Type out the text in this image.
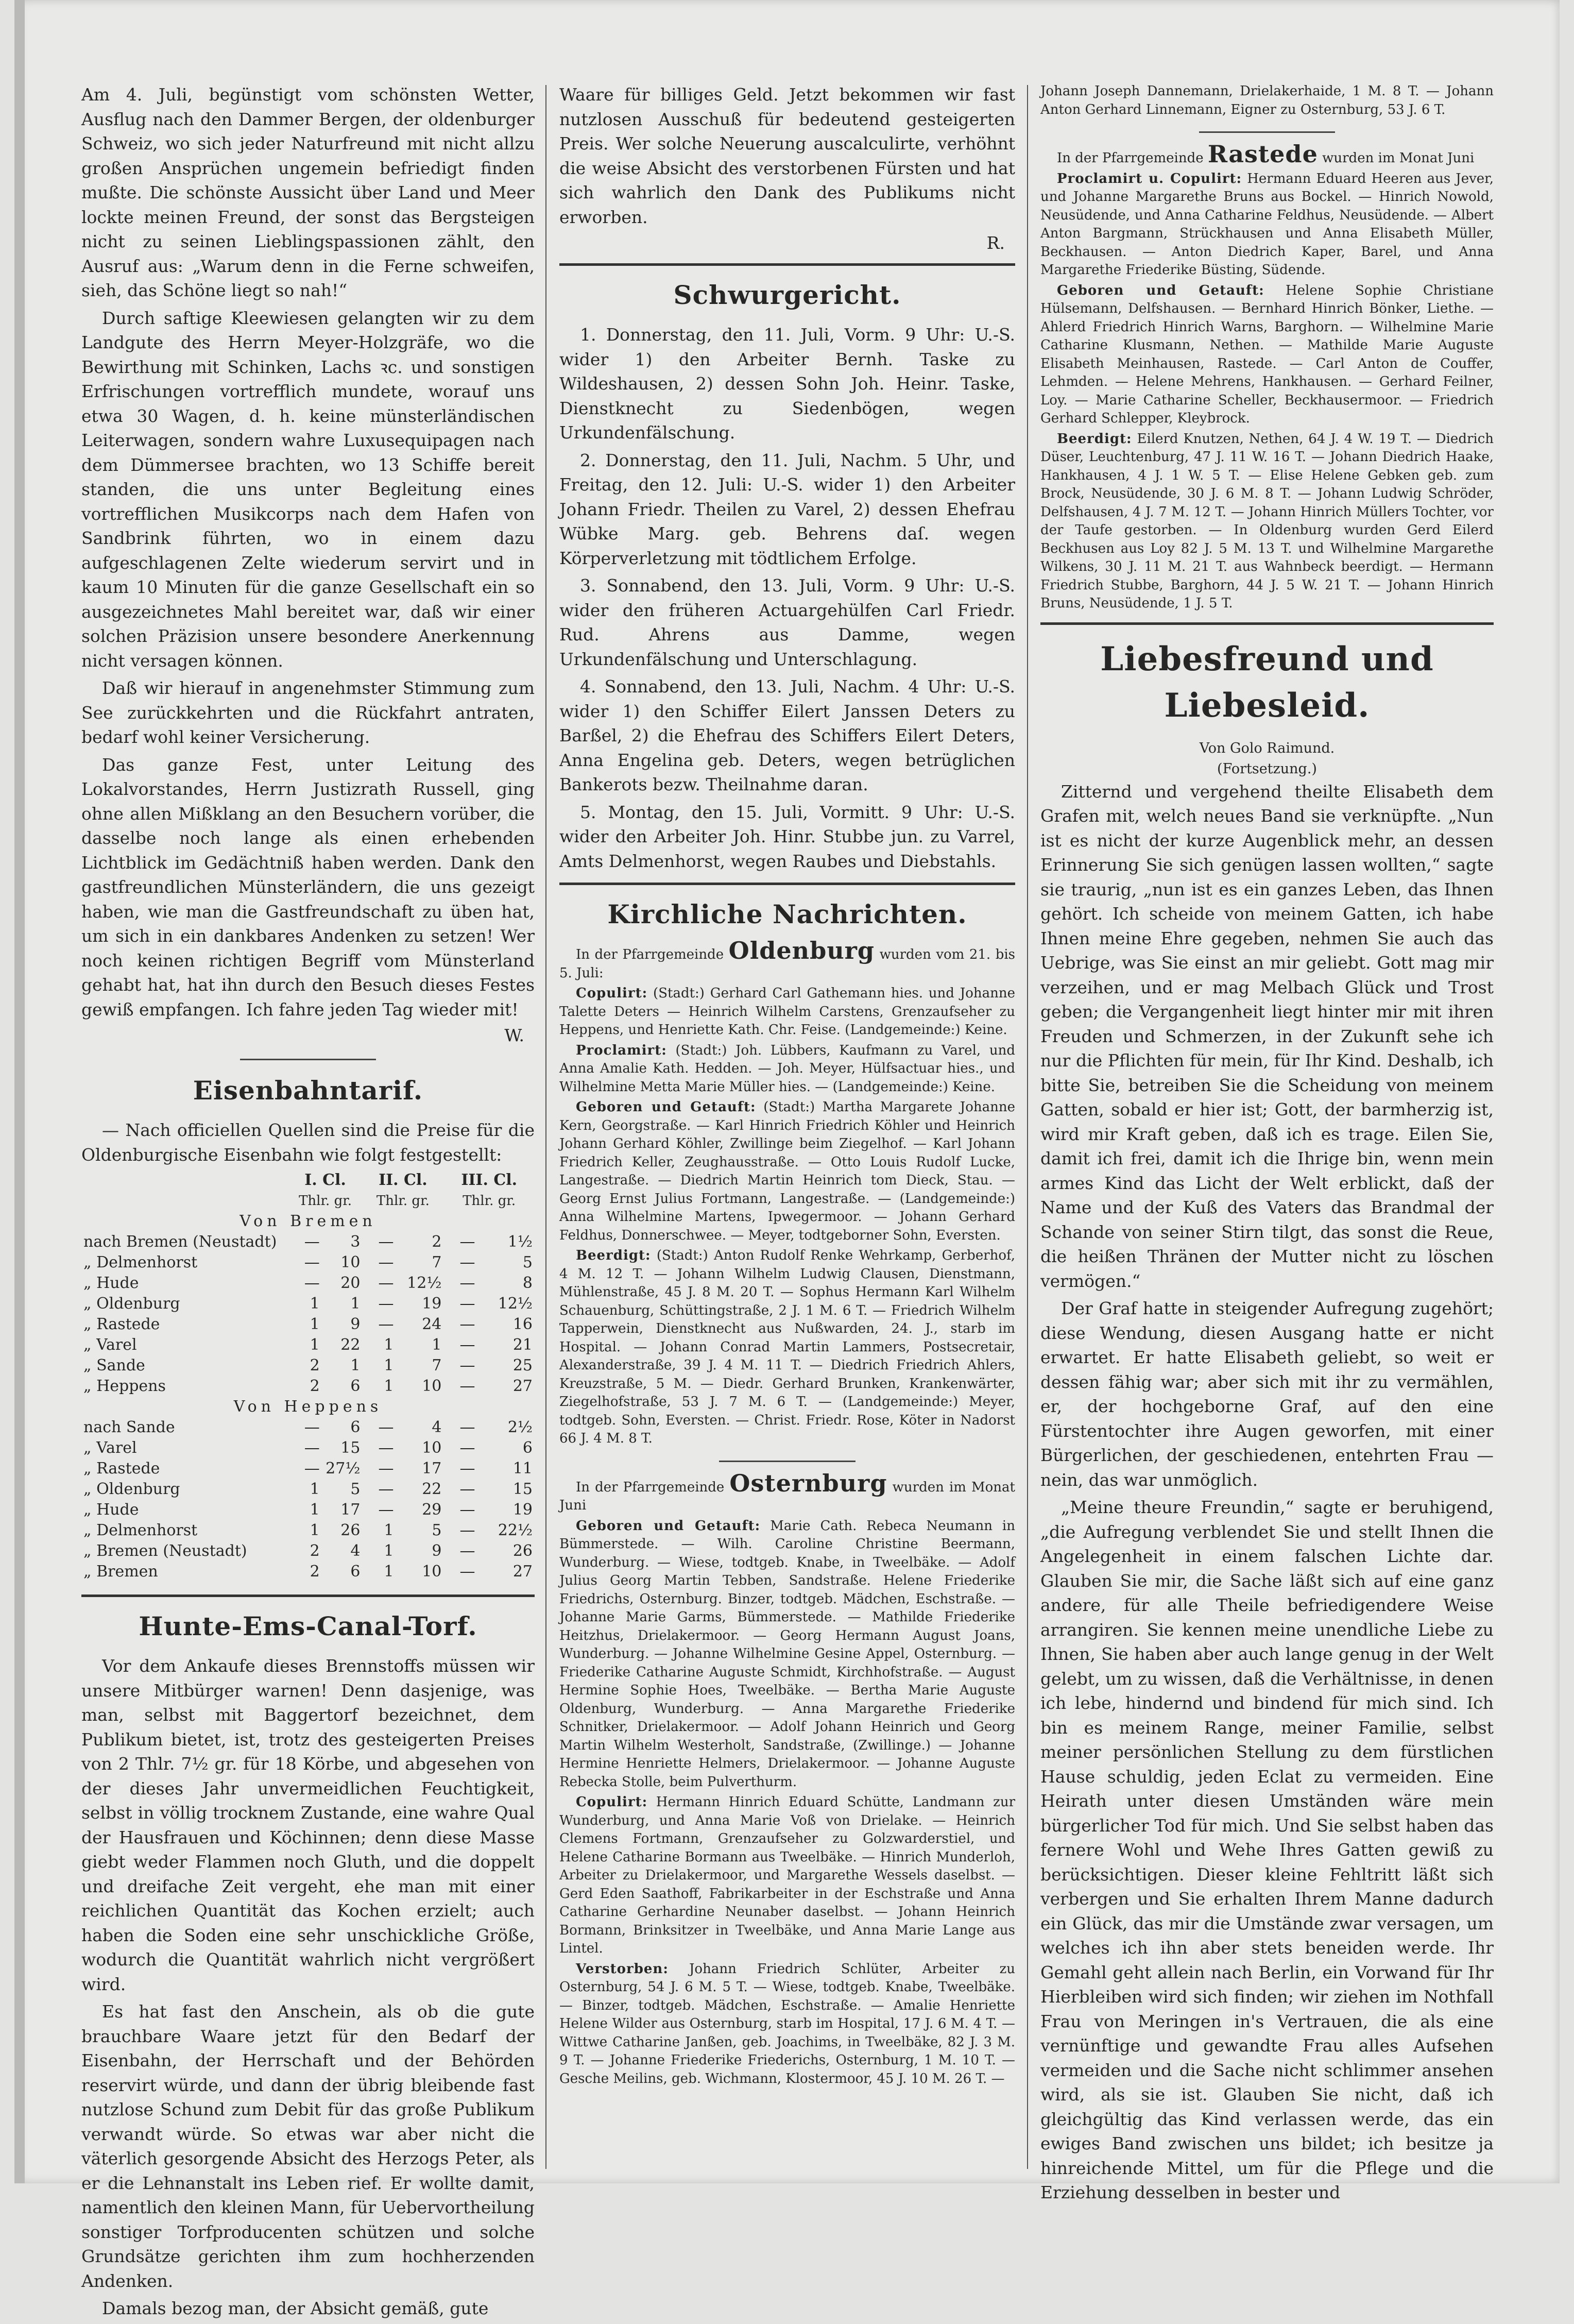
Am 4. Juli, begünstigt vom schönsten Wetter, Ausflug nach den Dammer Bergen, der oldenburger Schweiz, wo sich jeder Naturfreund mit nicht allzu großen Ansprüchen ungemein befriedigt finden mußte. Die schönste Aussicht über Land und Meer lockte meinen Freund, der sonst das Bergsteigen nicht zu seinen Lieblingspassionen zählt, den Ausruf aus: „Warum denn in die Ferne schweifen, sieh, das Schöne liegt so nah!“

Durch saftige Kleewiesen gelangten wir zu dem Landgute des Herrn Meyer-Holzgräfe, wo die Bewirthung mit Schinken, Lachs ꝛc. und sonstigen Erfrischungen vortrefflich mundete, worauf uns etwa 30 Wagen, d. h. keine münsterländischen Leiterwagen, sondern wahre Luxusequipagen nach dem Dümmersee brachten, wo 13 Schiffe bereit standen, die uns unter Begleitung eines vortrefflichen Musikcorps nach dem Hafen von Sandbrink führten, wo in einem dazu aufgeschlagenen Zelte wiederum servirt und in kaum 10 Minuten für die ganze Gesellschaft ein so ausgezeichnetes Mahl bereitet war, daß wir einer solchen Präzision unsere besondere Anerkennung nicht versagen können.

Daß wir hierauf in angenehmster Stimmung zum See zurückkehrten und die Rückfahrt antraten, bedarf wohl keiner Versicherung.

Das ganze Fest, unter Leitung des Lokalvorstandes, Herrn Justizrath Russell, ging ohne allen Mißklang an den Besuchern vorüber, die dasselbe noch lange als einen erhebenden Lichtblick im Gedächtniß haben werden. Dank den gastfreundlichen Münsterländern, die uns gezeigt haben, wie man die Gastfreundschaft zu üben hat, um sich in ein dankbares Andenken zu setzen! Wer noch keinen richtigen Begriff vom Münsterland gehabt hat, hat ihn durch den Besuch dieses Festes gewiß empfangen. Ich fahre jeden Tag wieder mit!

W.
Eisenbahntarif.

— Nach officiellen Quellen sind die Preise für die Oldenburgische Eisenbahn wie folgt festgestellt:

	I. Cl.		II. Cl.		III. Cl.	
	Thlr. gr.		Thlr. gr.		Thlr. gr.	
Von Bremen						
nach Bremen (Neustadt)	—	3	—	2	—	1½
„ Delmenhorst	—	10	—	7	—	5
„ Hude	—	20	—	12½	—	8
„ Oldenburg	1	1	—	19	—	12½
„ Rastede	1	9	—	24	—	16
„ Varel	1	22	1	1	—	21
„ Sande	2	1	1	7	—	25
„ Heppens	2	6	1	10	—	27
Von Heppens						
nach Sande	—	6	—	4	—	2½
„ Varel	—	15	—	10	—	6
„ Rastede	—	27½	—	17	—	11
„ Oldenburg	1	5	—	22	—	15
„ Hude	1	17	—	29	—	19
„ Delmenhorst	1	26	1	5	—	22½
„ Bremen (Neustadt)	2	4	1	9	—	26
„ Bremen	2	6	1	10	—	27
Hunte-Ems-Canal-Torf.

Vor dem Ankaufe dieses Brennstoffs müssen wir unsere Mitbürger warnen! Denn dasjenige, was man, selbst mit Baggertorf bezeichnet, dem Publikum bietet, ist, trotz des gesteigerten Preises von 2 Thlr. 7½ gr. für 18 Körbe, und abgesehen von der dieses Jahr unvermeidlichen Feuchtigkeit, selbst in völlig trocknem Zustande, eine wahre Qual der Hausfrauen und Köchinnen; denn diese Masse giebt weder Flammen noch Gluth, und die doppelt und dreifache Zeit vergeht, ehe man mit einer reichlichen Quantität das Kochen erzielt; auch haben die Soden eine sehr unschickliche Größe, wodurch die Quantität wahrlich nicht vergrößert wird.

Es hat fast den Anschein, als ob die gute brauchbare Waare jetzt für den Bedarf der Eisenbahn, der Herrschaft und der Behörden reservirt würde, und dann der übrig bleibende fast nutzlose Schund zum Debit für das große Publikum verwandt würde. So etwas war aber nicht die väterlich gesorgende Absicht des Herzogs Peter, als er die Lehnanstalt ins Leben rief. Er wollte damit, namentlich den kleinen Mann, für Uebervortheilung sonstiger Torfproducenten schützen und solche Grundsätze gerichten ihm zum hochherzenden Andenken.

Damals bezog man, der Absicht gemäß, gute

Waare für billiges Geld. Jetzt bekommen wir fast nutzlosen Ausschuß für bedeutend gesteigerten Preis. Wer solche Neuerung auscalculirte, verhöhnt die weise Absicht des verstorbenen Fürsten und hat sich wahrlich den Dank des Publikums nicht erworben.

R.
Schwurgericht.

1. Donnerstag, den 11. Juli, Vorm. 9 Uhr: U.-S. wider 1) den Arbeiter Bernh. Taske zu Wildeshausen, 2) dessen Sohn Joh. Heinr. Taske, Dienstknecht zu Siedenbögen, wegen Urkundenfälschung.

2. Donnerstag, den 11. Juli, Nachm. 5 Uhr, und Freitag, den 12. Juli: U.-S. wider 1) den Arbeiter Johann Friedr. Theilen zu Varel, 2) dessen Ehefrau Wübke Marg. geb. Behrens daſ. wegen Körperverletzung mit tödtlichem Erfolge.

3. Sonnabend, den 13. Juli, Vorm. 9 Uhr: U.-S. wider den früheren Actuargehülfen Carl Friedr. Rud. Ahrens aus Damme, wegen Urkundenfälschung und Unterschlagung.

4. Sonnabend, den 13. Juli, Nachm. 4 Uhr: U.-S. wider 1) den Schiffer Eilert Janssen Deters zu Barßel, 2) die Ehefrau des Schiffers Eilert Deters, Anna Engelina geb. Deters, wegen betrüglichen Bankerots bezw. Theilnahme daran.

5. Montag, den 15. Juli, Vormitt. 9 Uhr: U.-S. wider den Arbeiter Joh. Hinr. Stubbe jun. zu Varrel, Amts Delmenhorst, wegen Raubes und Diebstahls.

Kirchliche Nachrichten.

In der Pfarrgemeinde Oldenburg wurden vom 21. bis 5. Juli:

Copulirt: (Stadt:) Gerhard Carl Gathemann hies. und Johanne Talette Deters — Heinrich Wilhelm Carstens, Grenzaufseher zu Heppens, und Henriette Kath. Chr. Feise. (Landgemeinde:) Keine.

Proclamirt: (Stadt:) Joh. Lübbers, Kaufmann zu Varel, und Anna Amalie Kath. Hedden. — Joh. Meyer, Hülfsactuar hies., und Wilhelmine Metta Marie Müller hies. — (Landgemeinde:) Keine.

Geboren und Getauft: (Stadt:) Martha Margarete Johanne Kern, Georgstraße. — Karl Hinrich Friedrich Köhler und Heinrich Johann Gerhard Köhler, Zwillinge beim Ziegelhof. — Karl Johann Friedrich Keller, Zeughausstraße. — Otto Louis Rudolf Lucke, Langestraße. — Diedrich Martin Heinrich tom Dieck, Stau. — Georg Ernst Julius Fortmann, Langestraße. — (Landgemeinde:) Anna Wilhelmine Martens, Ipwegermoor. — Johann Gerhard Feldhus, Donnerschwee. — Meyer, todtgeborner Sohn, Eversten.

Beerdigt: (Stadt:) Anton Rudolf Renke Wehrkamp, Gerberhof, 4 M. 12 T. — Johann Wilhelm Ludwig Clausen, Dienstmann, Mühlenstraße, 45 J. 8 M. 20 T. — Sophus Hermann Karl Wilhelm Schauenburg, Schüttingstraße, 2 J. 1 M. 6 T. — Friedrich Wilhelm Tapperwein, Dienstknecht aus Nußwarden, 24. J., starb im Hospital. — Johann Conrad Martin Lammers, Postsecretair, Alexanderstraße, 39 J. 4 M. 11 T. — Diedrich Friedrich Ahlers, Kreuzstraße, 5 M. — Diedr. Gerhard Brunken, Krankenwärter, Ziegelhofstraße, 53 J. 7 M. 6 T. — (Landgemeinde:) Meyer, todtgeb. Sohn, Eversten. — Christ. Friedr. Rose, Köter in Nadorst 66 J. 4 M. 8 T.

In der Pfarrgemeinde Osternburg wurden im Monat Juni

Geboren und Getauft: Marie Cath. Rebeca Neumann in Bümmerstede. — Wilh. Caroline Christine Beermann, Wunderburg. — Wiese, todtgeb. Knabe, in Tweelbäke. — Adolf Julius Georg Martin Tebben, Sandstraße. Helene Friederike Friedrichs, Osternburg. Binzer, todtgeb. Mädchen, Eschstraße. — Johanne Marie Garms, Bümmerstede. — Mathilde Friederike Heitzhus, Drielakermoor. — Georg Hermann August Joans, Wunderburg. — Johanne Wilhelmine Gesine Appel, Osternburg. — Friederike Catharine Auguste Schmidt, Kirchhofstraße. — August Hermine Sophie Hoes, Tweelbäke. — Bertha Marie Auguste Oldenburg, Wunderburg. — Anna Margarethe Friederike Schnitker, Drielakermoor. — Adolf Johann Heinrich und Georg Martin Wilhelm Westerholt, Sandstraße, (Zwillinge.) — Johanne Hermine Henriette Helmers, Drielakermoor. — Johanne Auguste Rebecka Stolle, beim Pulverthurm.

Copulirt: Hermann Hinrich Eduard Schütte, Landmann zur Wunderburg, und Anna Marie Voß von Drielake. — Heinrich Clemens Fortmann, Grenzaufseher zu Golzwarderstiel, und Helene Catharine Bormann aus Tweelbäke. — Hinrich Munderloh, Arbeiter zu Drielakermoor, und Margarethe Wessels daselbst. — Gerd Eden Saathoff, Fabrikarbeiter in der Eschstraße und Anna Catharine Gerhardine Neunaber daselbst. — Johann Heinrich Bormann, Brinksitzer in Tweelbäke, und Anna Marie Lange aus Lintel.

Verstorben: Johann Friedrich Schlüter, Arbeiter zu Osternburg, 54 J. 6 M. 5 T. — Wiese, todtgeb. Knabe, Tweelbäke. — Binzer, todtgeb. Mädchen, Eschstraße. — Amalie Henriette Helene Wilder aus Osternburg, starb im Hospital, 17 J. 6 M. 4 T. — Wittwe Catharine Janßen, geb. Joachims, in Tweelbäke, 82 J. 3 M. 9 T. — Johanne Friederike Friederichs, Osternburg, 1 M. 10 T. — Gesche Meilins, geb. Wichmann, Klostermoor, 45 J. 10 M. 26 T. —

Johann Joseph Dannemann, Drielakerhaide, 1 M. 8 T. — Johann Anton Gerhard Linnemann, Eigner zu Osternburg, 53 J. 6 T.

In der Pfarrgemeinde Rastede wurden im Monat Juni

Proclamirt u. Copulirt: Hermann Eduard Heeren aus Jever, und Johanne Margarethe Bruns aus Bockel. — Hinrich Nowold, Neusüdende, und Anna Catharine Feldhus, Neusüdende. — Albert Anton Bargmann, Strückhausen und Anna Elisabeth Müller, Beckhausen. — Anton Diedrich Kaper, Barel, und Anna Margarethe Friederike Büsting, Südende.

Geboren und Getauft: Helene Sophie Christiane Hülsemann, Delfshausen. — Bernhard Hinrich Bönker, Liethe. — Ahlerd Friedrich Hinrich Warns, Barghorn. — Wilhelmine Marie Catharine Klusmann, Nethen. — Mathilde Marie Auguste Elisabeth Meinhausen, Rastede. — Carl Anton de Couffer, Lehmden. — Helene Mehrens, Hankhausen. — Gerhard Feilner, Loy. — Marie Catharine Scheller, Beckhausermoor. — Friedrich Gerhard Schlepper, Kleybrock.

Beerdigt: Eilerd Knutzen, Nethen, 64 J. 4 W. 19 T. — Diedrich Düser, Leuchtenburg, 47 J. 11 W. 16 T. — Johann Diedrich Haake, Hankhausen, 4 J. 1 W. 5 T. — Elise Helene Gebken geb. zum Brock, Neusüdende, 30 J. 6 M. 8 T. — Johann Ludwig Schröder, Delfshausen, 4 J. 7 M. 12 T. — Johann Hinrich Müllers Tochter, vor der Taufe gestorben. — In Oldenburg wurden Gerd Eilerd Beckhusen aus Loy 82 J. 5 M. 13 T. und Wilhelmine Margarethe Wilkens, 30 J. 11 M. 21 T. aus Wahnbeck beerdigt. — Hermann Friedrich Stubbe, Barghorn, 44 J. 5 W. 21 T. — Johann Hinrich Bruns, Neusüdende, 1 J. 5 T.

Liebesfreund und Liebesleid.

Von Golo Raimund.

(Fortsetzung.)

Zitternd und vergehend theilte Elisabeth dem Grafen mit, welch neues Band sie verknüpfte. „Nun ist es nicht der kurze Augenblick mehr, an dessen Erinnerung Sie sich genügen lassen wollten,“ sagte sie traurig, „nun ist es ein ganzes Leben, das Ihnen gehört. Ich scheide von meinem Gatten, ich habe Ihnen meine Ehre gegeben, nehmen Sie auch das Uebrige, was Sie einst an mir geliebt. Gott mag mir verzeihen, und er mag Melbach Glück und Trost geben; die Vergangenheit liegt hinter mir mit ihren Freuden und Schmerzen, in der Zukunft sehe ich nur die Pflichten für mein, für Ihr Kind. Deshalb, ich bitte Sie, betreiben Sie die Scheidung von meinem Gatten, sobald er hier ist; Gott, der barmherzig ist, wird mir Kraft geben, daß ich es trage. Eilen Sie, damit ich frei, damit ich die Ihrige bin, wenn mein armes Kind das Licht der Welt erblickt, daß der Name und der Kuß des Vaters das Brandmal der Schande von seiner Stirn tilgt, das sonst die Reue, die heißen Thränen der Mutter nicht zu löschen vermögen.“

Der Graf hatte in steigender Aufregung zugehört; diese Wendung, diesen Ausgang hatte er nicht erwartet. Er hatte Elisabeth geliebt, so weit er dessen fähig war; aber sich mit ihr zu vermählen, er, der hochgeborne Graf, auf den eine Fürstentochter ihre Augen geworfen, mit einer Bürgerlichen, der geschiedenen, entehrten Frau — nein, das war unmöglich.

„Meine theure Freundin,“ sagte er beruhigend, „die Aufregung verblendet Sie und stellt Ihnen die Angelegenheit in einem falschen Lichte dar. Glauben Sie mir, die Sache läßt sich auf eine ganz andere, für alle Theile befriedigendere Weise arrangiren. Sie kennen meine unendliche Liebe zu Ihnen, Sie haben aber auch lange genug in der Welt gelebt, um zu wissen, daß die Verhältnisse, in denen ich lebe, hindernd und bindend für mich sind. Ich bin es meinem Range, meiner Familie, selbst meiner persönlichen Stellung zu dem fürstlichen Hause schuldig, jeden Eclat zu vermeiden. Eine Heirath unter diesen Umständen wäre mein bürgerlicher Tod für mich. Und Sie selbst haben das fernere Wohl und Wehe Ihres Gatten gewiß zu berücksichtigen. Dieser kleine Fehltritt läßt sich verbergen und Sie erhalten Ihrem Manne dadurch ein Glück, das mir die Umstände zwar versagen, um welches ich ihn aber stets beneiden werde. Ihr Gemahl geht allein nach Berlin, ein Vorwand für Ihr Hierbleiben wird sich finden; wir ziehen im Nothfall Frau von Meringen in's Vertrauen, die als eine vernünftige und gewandte Frau alles Aufsehen vermeiden und die Sache nicht schlimmer ansehen wird, als sie ist. Glauben Sie nicht, daß ich gleichgültig das Kind verlassen werde, das ein ewiges Band zwischen uns bildet; ich besitze ja hinreichende Mittel, um für die Pflege und die Erziehung desselben in bester und
